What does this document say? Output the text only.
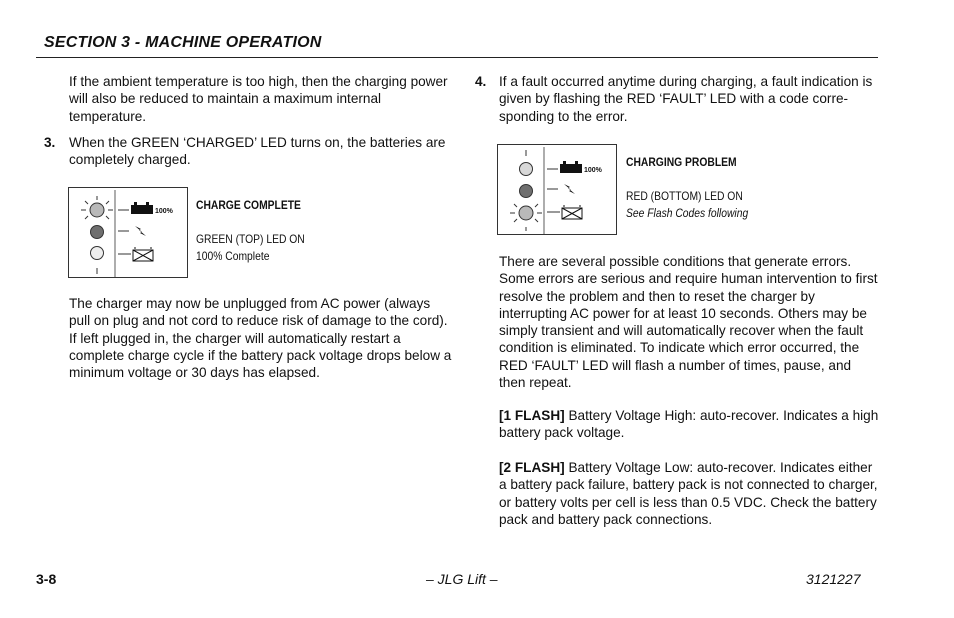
SECTION 3 - MACHINE OPERATION

If the ambient temperature is too high, then the charging power will also be reduced to maintain a maximum internal temperature.

3. When the GREEN ‘CHARGED’ LED turns on, the batteries are completely charged.

100% CHARGE COMPLETE
GREEN (TOP) LED ON
100% Complete

The charger may now be unplugged from AC power (always pull on plug and not cord to reduce risk of damage to the cord). If left plugged in, the charger will automatically restart a complete charge cycle if the battery pack voltage drops below a minimum voltage or 30 days has elapsed.

4. If a fault occurred anytime during charging, a fault indication is given by flashing the RED ‘FAULT’ LED with a code corre-sponding to the error.

100%
CHARGING PROBLEM
RED (BOTTOM) LED ON
See Flash Codes following

There are several possible conditions that generate errors. Some errors are serious and require human intervention to first resolve the problem and then to reset the charger by interrupting AC power for at least 10 seconds. Others may be simply transient and will automatically recover when the fault condition is eliminated. To indicate which error occurred, the RED ‘FAULT’ LED will flash a number of times, pause, and then repeat.

[1 FLASH] Battery Voltage High: auto-recover. Indicates a high battery pack voltage.

[2 FLASH] Battery Voltage Low: auto-recover. Indicates either a battery pack failure, battery pack is not connected to charger, or battery volts per cell is less than 0.5 VDC. Check the battery pack and battery pack connections.

3-8	– JLG Lift –	3121227
